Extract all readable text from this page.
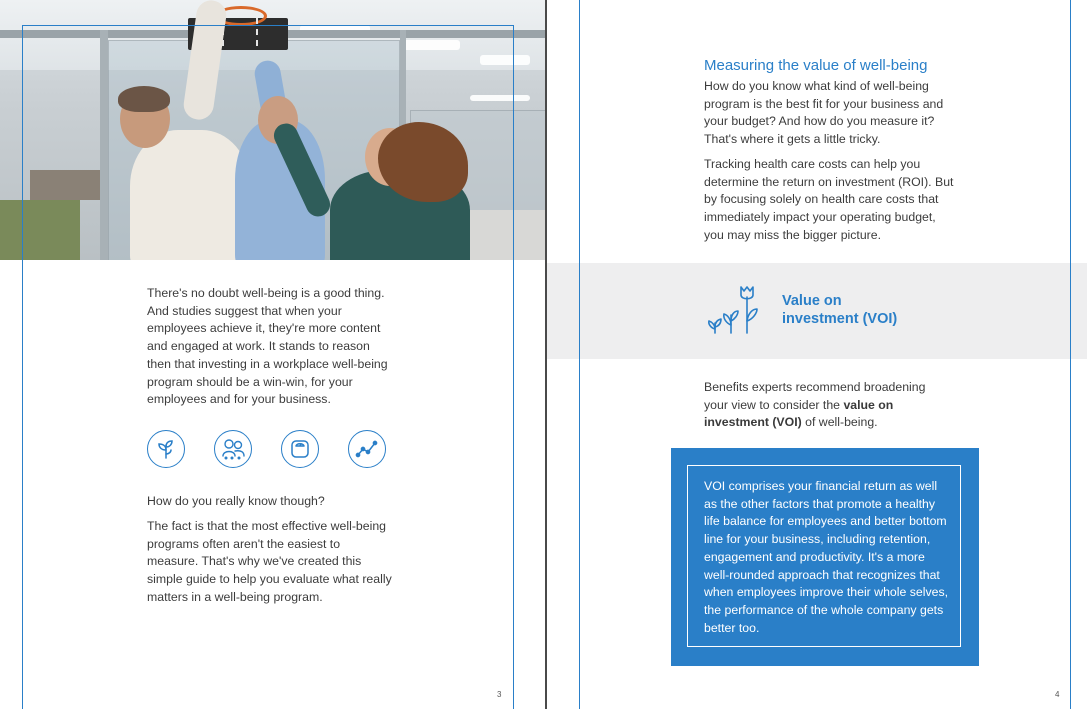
There's no doubt well-being is a good thing. And studies suggest that when your employees achieve it, they're more content and engaged at work. It stands to reason then that investing in a workplace well-being program should be a win-win, for your employees and for your business.

How do you really know though?

The fact is that the most effective well-being programs often aren't the easiest to measure. That's why we've created this simple guide to help you evaluate what really matters in a well-being program.

3
Measuring the value of well-being

How do you know what kind of well-being program is the best fit for your business and your budget? And how do you measure it? That's where it gets a little tricky.

Tracking health care costs can help you determine the return on investment (ROI). But by focusing solely on health care costs that immediately impact your operating budget, you may miss the bigger picture.

Value on
investment (VOI)

Benefits experts recommend broadening your view to consider the value on investment (VOI) of well-being.

VOI comprises your financial return as well as the other factors that promote a healthy life balance for employees and better bottom line for your business, including retention, engagement and productivity. It's a more well-rounded approach that recognizes that when employees improve their whole selves, the performance of the whole company gets better too.

4
